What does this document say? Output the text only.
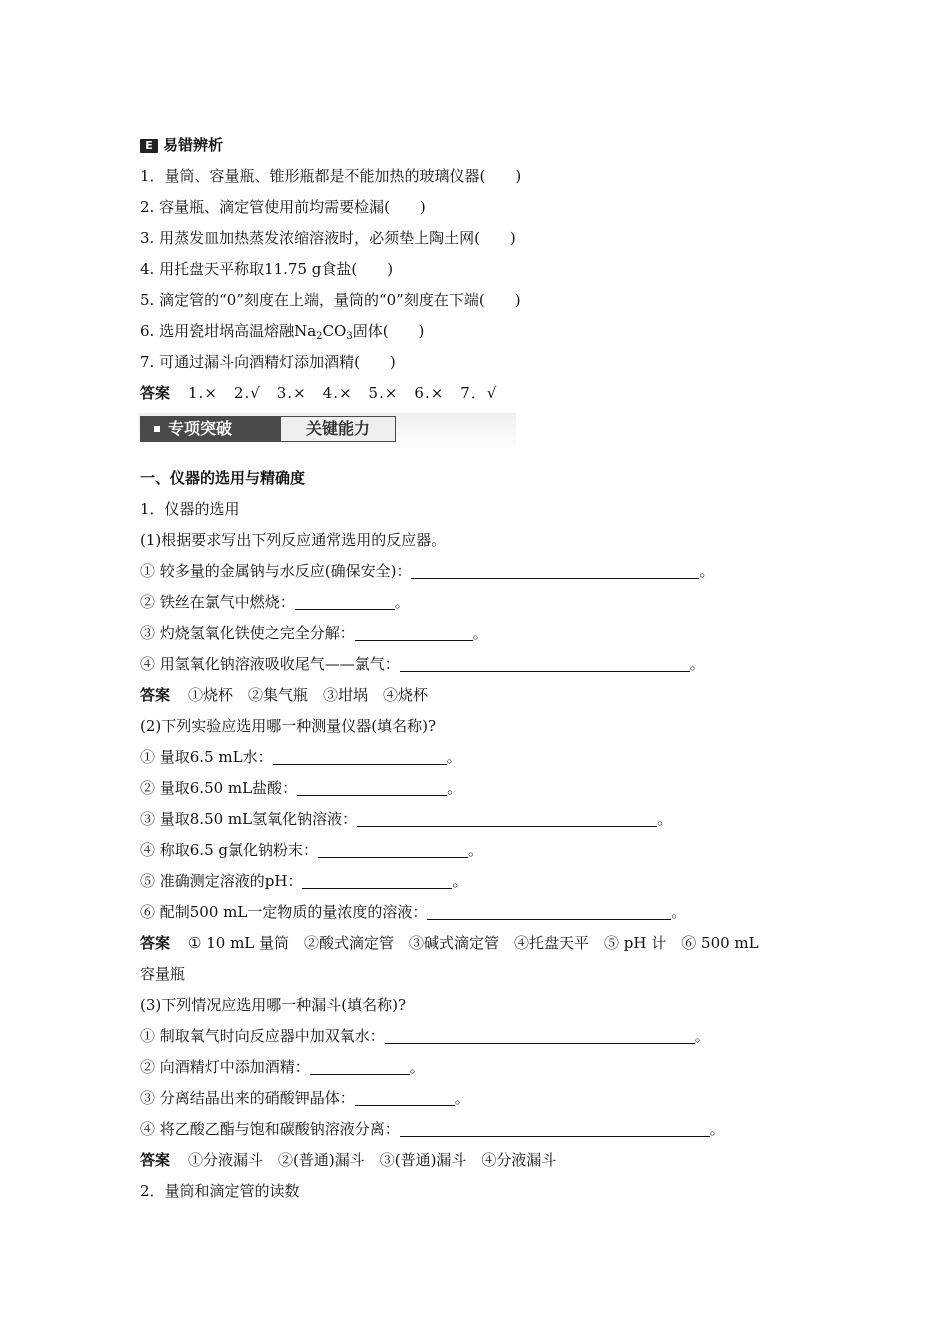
E 易错辨析
1．量筒、容量瓶、锥形瓶都是不能加热的玻璃仪器(　　)
2. 容量瓶、滴定管使用前均需要检漏(　　)
3. 用蒸发皿加热蒸发浓缩溶液时，必须垫上陶土网(　　)
4. 用托盘天平称取11.75 g食盐(　　)
5. 滴定管的“0”刻度在上端，量筒的“0”刻度在下端(　　)
6. 选用瓷坩埚高温熔融$Na_2CO_3$固体(　　)
7. 可通过漏斗向酒精灯添加酒精(　　)
答案 1.×　2.√　3.×　4.×　5.×　6.×　7．√
专项突破	关键能力
一、仪器的选用与精确度
1．仪器的选用
(1)根据要求写出下列反应通常选用的反应器。
① 较多量的金属钠与水反应(确保安全)：	。
② 铁丝在氯气中燃烧：	。
③ 灼烧氢氧化铁使之完全分解：	。
④ 用氢氧化钠溶液吸收尾气——氯气：	。
答案 ①烧杯　②集气瓶　③坩埚　④烧杯
(2)下列实验应选用哪一种测量仪器(填名称)?
① 量取6.5 mL水：	。
② 量取6.50 mL盐酸：	。
③ 量取8.50 mL氢氧化钠溶液：	。
④ 称取6.5 g氯化钠粉末：	。
⑤ 准确测定溶液的pH：	。
⑥ 配制500 mL一定物质的量浓度的溶液：	。
答案 ① 10 mL 量筒　②酸式滴定管　③碱式滴定管　④托盘天平　⑤ pH 计　⑥ 500 mL
容量瓶
(3)下列情况应选用哪一种漏斗(填名称)?
① 制取氧气时向反应器中加双氧水：	。
② 向酒精灯中添加酒精：	。
③ 分离结晶出来的硝酸钾晶体：	。
④ 将乙酸乙酯与饱和碳酸钠溶液分离：	。
答案 ①分液漏斗　②(普通)漏斗　③(普通)漏斗　④分液漏斗
2．量筒和滴定管的读数
